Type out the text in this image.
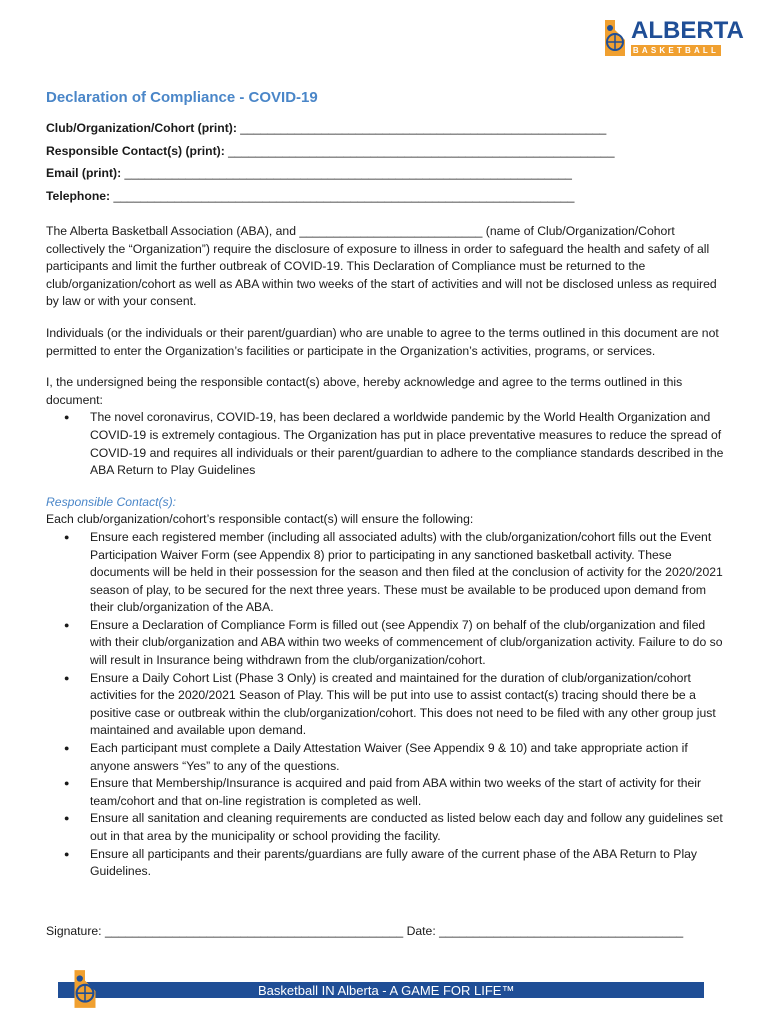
ALBERTA
BASKETBALL
Declaration of Compliance - COVID-19
Club/Organization/Cohort (print): ______________________________________________________
Responsible Contact(s) (print): _________________________________________________________
Email (print): __________________________________________________________________
Telephone: ____________________________________________________________________

The Alberta Basketball Association (ABA), and ___________________________ (name of Club/Organization/Cohort collectively the “Organization”) require the disclosure of exposure to illness in order to safeguard the health and safety of all participants and limit the further outbreak of COVID-19. This Declaration of Compliance must be returned to the club/organization/cohort as well as ABA within two weeks of the start of activities and will not be disclosed unless as required by law or with your consent.

Individuals (or the individuals or their parent/guardian) who are unable to agree to the terms outlined in this document are not permitted to enter the Organization’s facilities or participate in the Organization’s activities, programs, or services.

I, the undersigned being the responsible contact(s) above, hereby acknowledge and agree to the terms outlined in this document:
● The novel coronavirus, COVID-19, has been declared a worldwide pandemic by the World Health Organization and COVID-19 is extremely contagious. The Organization has put in place preventative measures to reduce the spread of COVID-19 and requires all individuals or their parent/guardian to adhere to the compliance standards described in the ABA Return to Play Guidelines
Responsible Contact(s):
Each club/organization/cohort’s responsible contact(s) will ensure the following:
● Ensure each registered member (including all associated adults) with the club/organization/cohort fills out the Event Participation Waiver Form (see Appendix 8) prior to participating in any sanctioned basketball activity. These documents will be held in their possession for the season and then filed at the conclusion of activity for the 2020/2021 season of play, to be secured for the next three years. These must be available to be produced upon demand from their club/organization of the ABA.
● Ensure a Declaration of Compliance Form is filled out (see Appendix 7) on behalf of the club/organization and filed with their club/organization and ABA within two weeks of commencement of club/organization activity. Failure to do so will result in Insurance being withdrawn from the club/organization/cohort.
● Ensure a Daily Cohort List (Phase 3 Only) is created and maintained for the duration of club/organization/cohort activities for the 2020/2021 Season of Play. This will be put into use to assist contact(s) tracing should there be a positive case or outbreak within the club/organization/cohort. This does not need to be filed with any other group just maintained and available upon demand.
● Each participant must complete a Daily Attestation Waiver (See Appendix 9 & 10) and take appropriate action if anyone answers “Yes” to any of the questions.
● Ensure that Membership/Insurance is acquired and paid from ABA within two weeks of the start of activity for their team/cohort and that on-line registration is completed as well.
● Ensure all sanitation and cleaning requirements are conducted as listed below each day and follow any guidelines set out in that area by the municipality or school providing the facility.
● Ensure all participants and their parents/guardians are fully aware of the current phase of the ABA Return to Play Guidelines.
Signature: ____________________________________________ Date: ____________________________________
Basketball IN Alberta - A GAME FOR LIFE™
